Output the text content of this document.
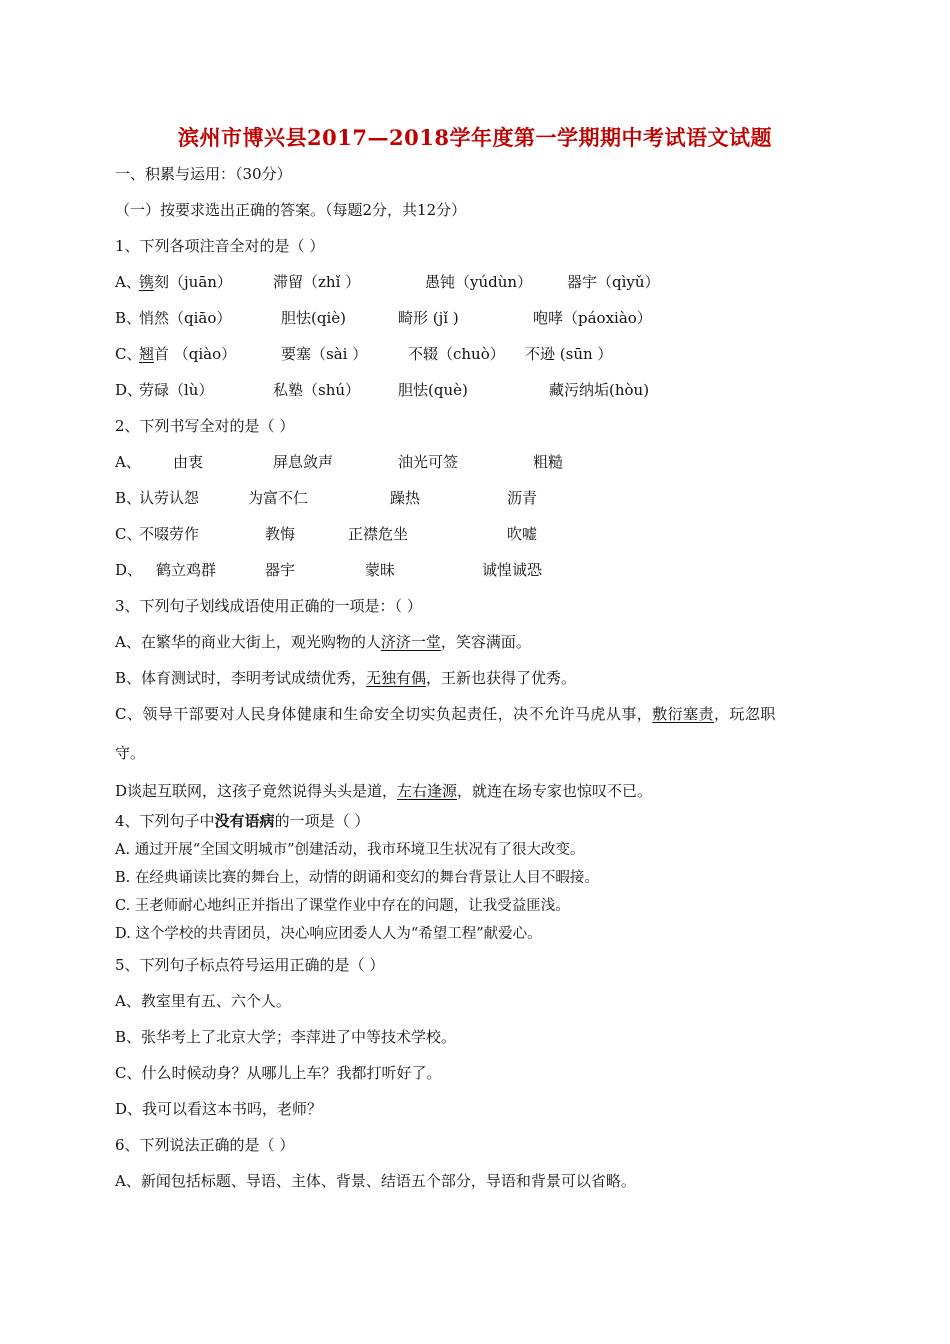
滨州市博兴县2017—2018学年度第一学期期中考试语文试题
一、积累与运用：（30分）
（一）按要求选出正确的答案。（每题2分，共12分）
1、下列各项注音全对的是（ ）
A、
镌刻（juān）	滞留（zhǐ ）	愚钝（yúdùn） 器宇（qìyǔ）
B、
悄然（qiāo）	胆怯(qiè)	畸形 (jǐ )	咆哮（páoxiào）
C、
翘首 （qiào）	要塞（sài ）	不辍（chuò） 不逊 (sūn ）
D、
劳碌（lù）	私塾（shú）	胆怯(què)	藏污纳垢(hòu)
2、下列书写全对的是（ ）
A、 由衷	屏息敛声	油光可签	粗糙
B、
认劳认怨	为富不仁	躁热	沥青
C、
不啜劳作	教悔	正襟危坐	吹嘘
D、 鹤立鸡群	器宇	蒙昧	诚惶诚恐
3、下列句子划线成语使用正确的一项是：（ ）
A、在繁华的商业大街上，观光购物的人济济一堂，笑容满面。
B、体育测试时，李明考试成绩优秀，无独有偶，王新也获得了优秀。
C、领导干部要对人民身体健康和生命安全切实负起责任，决不允许马虎从事，敷衍塞责，玩忽职
守。
D谈起互联网，这孩子竟然说得头头是道，左右逢源，就连在场专家也惊叹不已。
4、下列句子中没有语病的一项是（ ）
A. 通过开展“全国文明城市”创建活动，我市环境卫生状况有了很大改变。
B. 在经典诵读比赛的舞台上，动情的朗诵和变幻的舞台背景让人目不暇接。
C. 王老师耐心地纠正并指出了课堂作业中存在的问题，让我受益匪浅。
D. 这个学校的共青团员，决心响应团委人人为“希望工程”献爱心。
5、下列句子标点符号运用正确的是（ ）
A、教室里有五、六个人。
B、张华考上了北京大学；李萍进了中等技术学校。
C、什么时候动身？从哪儿上车？我都打听好了。
D、我可以看这本书吗，老师？
6、下列说法正确的是（ ）
A、新闻包括标题、导语、主体、背景、结语五个部分，导语和背景可以省略。
